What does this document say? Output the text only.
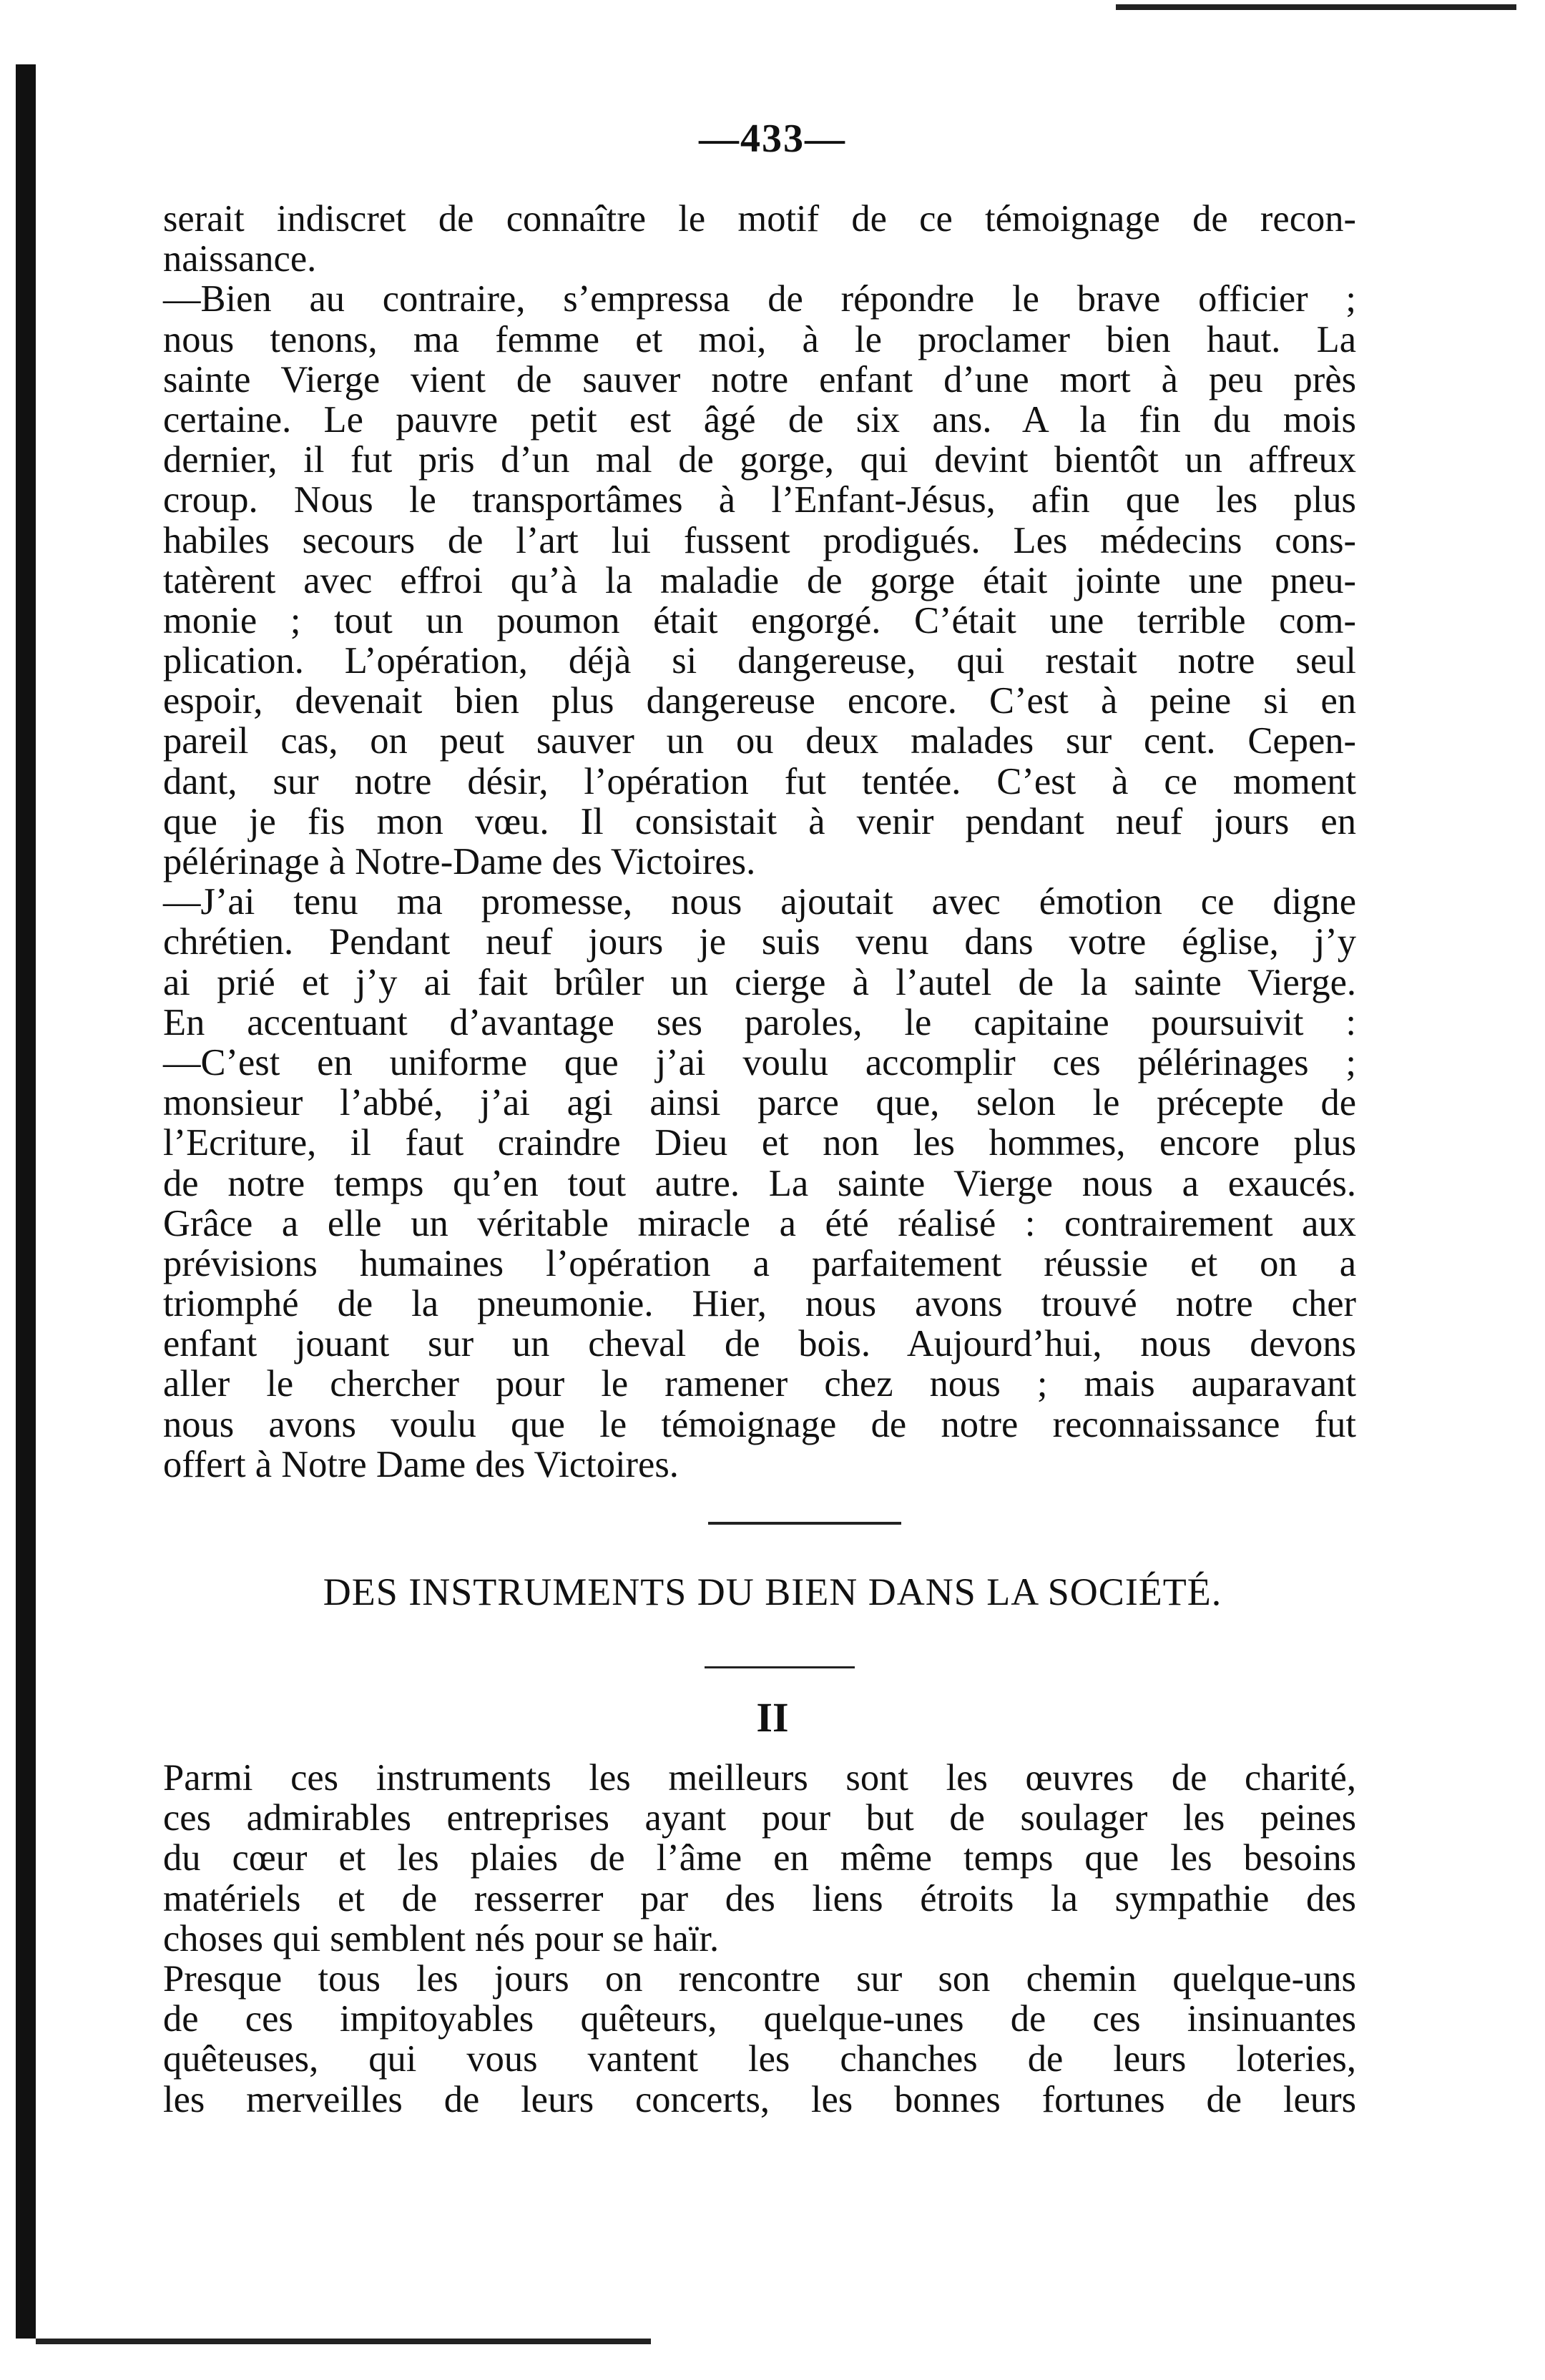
—433—
serait indiscret de connaître le motif de ce témoignage de recon-
naissance.
—Bien au contraire, s’empressa de répondre le brave officier ;
nous tenons, ma femme et moi, à le proclamer bien haut. La
sainte Vierge vient de sauver notre enfant d’une mort à peu près
certaine. Le pauvre petit est âgé de six ans. A la fin du mois
dernier, il fut pris d’un mal de gorge, qui devint bientôt un affreux
croup. Nous le transportâmes à l’Enfant-Jésus, afin que les plus
habiles secours de l’art lui fussent prodigués. Les médecins cons-
tatèrent avec effroi qu’à la maladie de gorge était jointe une pneu-
monie ; tout un poumon était engorgé. C’était une terrible com-
plication. L’opération, déjà si dangereuse, qui restait notre seul
espoir, devenait bien plus dangereuse encore. C’est à peine si en
pareil cas, on peut sauver un ou deux malades sur cent. Cepen-
dant, sur notre désir, l’opération fut tentée. C’est à ce moment
que je fis mon vœu. Il consistait à venir pendant neuf jours en
pélérinage à Notre-Dame des Victoires.
—J’ai tenu ma promesse, nous ajoutait avec émotion ce digne
chrétien. Pendant neuf jours je suis venu dans votre église, j’y
ai prié et j’y ai fait brûler un cierge à l’autel de la sainte Vierge.
En accentuant d’avantage ses paroles, le capitaine poursuivit :
—C’est en uniforme que j’ai voulu accomplir ces pélérinages ;
monsieur l’abbé, j’ai agi ainsi parce que, selon le précepte de
l’Ecriture, il faut craindre Dieu et non les hommes, encore plus
de notre temps qu’en tout autre. La sainte Vierge nous a exaucés.
Grâce a elle un véritable miracle a été réalisé : contrairement aux
prévisions humaines l’opération a parfaitement réussie et on a
triomphé de la pneumonie. Hier, nous avons trouvé notre cher
enfant jouant sur un cheval de bois. Aujourd’hui, nous devons
aller le chercher pour le ramener chez nous ; mais auparavant
nous avons voulu que le témoignage de notre reconnaissance fut
offert à Notre Dame des Victoires.
DES INSTRUMENTS DU BIEN DANS LA SOCIÉTÉ.
II
Parmi ces instruments les meilleurs sont les œuvres de charité,
ces admirables entreprises ayant pour but de soulager les peines
du cœur et les plaies de l’âme en même temps que les besoins
matériels et de resserrer par des liens étroits la sympathie des
choses qui semblent nés pour se haïr.
Presque tous les jours on rencontre sur son chemin quelque-uns
de ces impitoyables quêteurs, quelque-unes de ces insinuantes
quêteuses, qui vous vantent les chanches de leurs loteries,
les merveilles de leurs concerts, les bonnes fortunes de leurs
